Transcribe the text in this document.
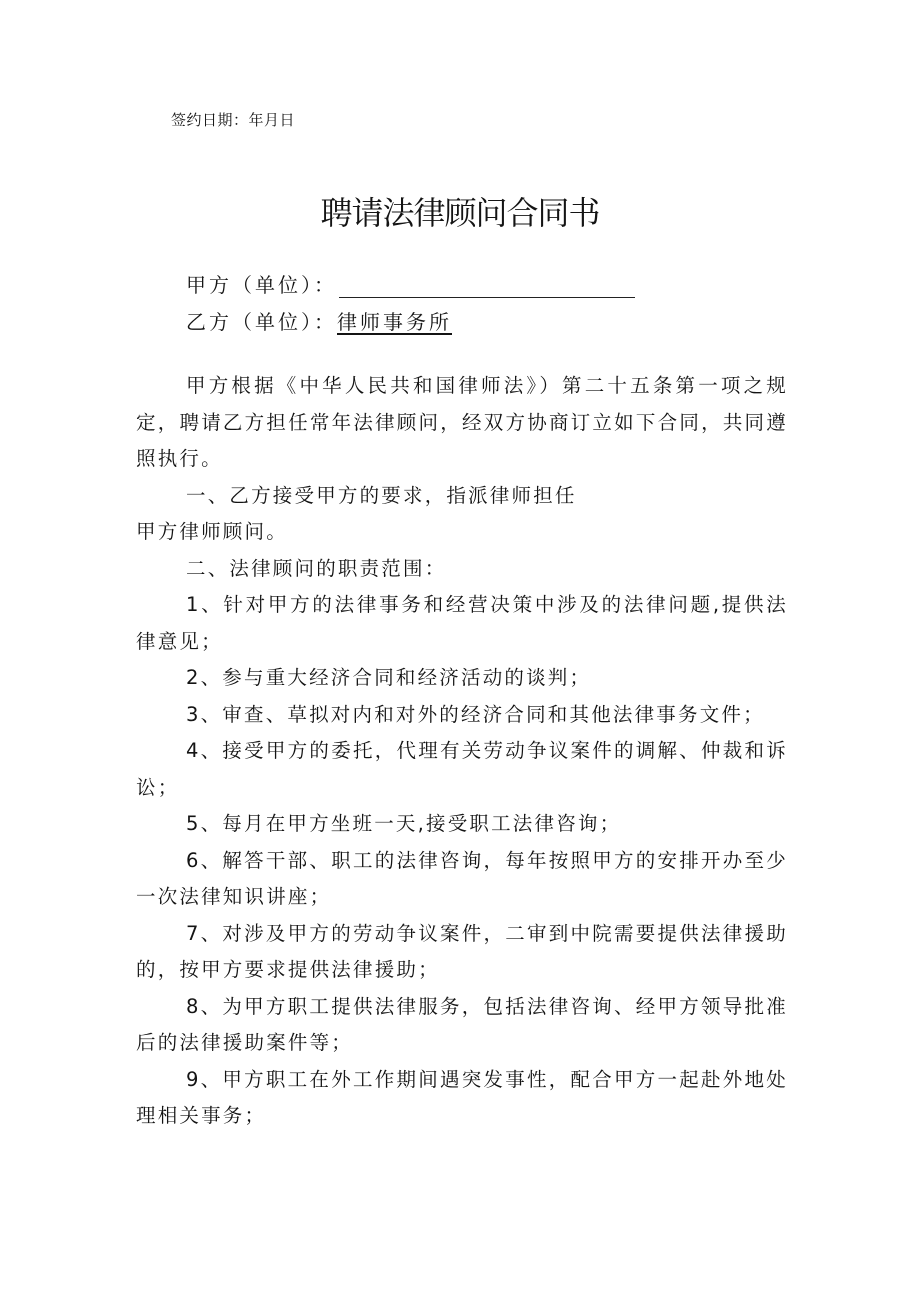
签约日期：年月日
聘请法律顾问合同书
甲方（单位）：
乙方（单位）：律师事务所

甲方根据《中华人民共和国律师法》）第二十五条第一项之规定，聘请乙方担任常年法律顾问，经双方协商订立如下合同，共同遵照执行。

一、乙方接受甲方的要求，指派律师担任

甲方律师顾问。

二、法律顾问的职责范围：

1、针对甲方的法律事务和经营决策中涉及的法律问题,提供法律意见；

2、参与重大经济合同和经济活动的谈判；

3、审查、草拟对内和对外的经济合同和其他法律事务文件；

4、接受甲方的委托，代理有关劳动争议案件的调解、仲裁和诉讼；

5、每月在甲方坐班一天,接受职工法律咨询；

6、解答干部、职工的法律咨询，每年按照甲方的安排开办至少一次法律知识讲座；

7、对涉及甲方的劳动争议案件，二审到中院需要提供法律援助的，按甲方要求提供法律援助；

8、为甲方职工提供法律服务，包括法律咨询、经甲方领导批准后的法律援助案件等；

9、甲方职工在外工作期间遇突发事性，配合甲方一起赴外地处理相关事务；
